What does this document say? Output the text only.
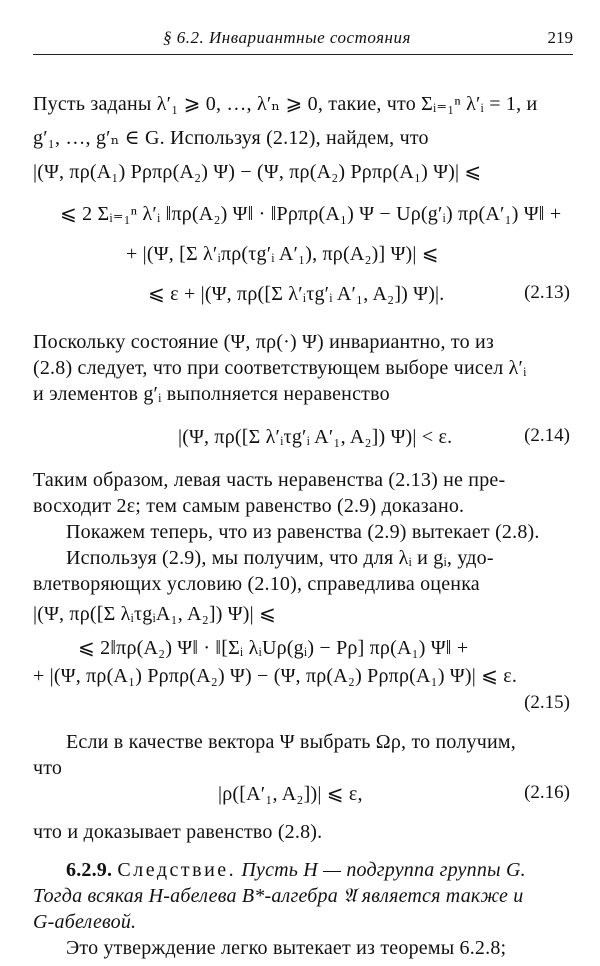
§ 6.2. Инвариантные состояния	219
Пусть заданы λ′₁ ⩾ 0, …, λ′ₙ ⩾ 0, такие, что Σᵢ₌₁ⁿ λ′ᵢ = 1, и
g′₁, …, g′ₙ ∈ G. Используя (2.12), найдем, что
|(Ψ, πρ(A₁) Pρπρ(A₂) Ψ) − (Ψ, πρ(A₂) Pρπρ(A₁) Ψ)| ⩽
⩽ 2 Σᵢ₌₁ⁿ λ′ᵢ ‖πρ(A₂) Ψ‖ · ‖Pρπρ(A₁) Ψ − Uρ(g′ᵢ) πρ(A′₁) Ψ‖ +
+ |(Ψ, [Σ λ′ᵢπρ(τg′ᵢ A′₁), πρ(A₂)] Ψ)| ⩽
⩽ ε + |(Ψ, πρ([Σ λ′ᵢτg′ᵢ A′₁, A₂]) Ψ)|.	(2.13)
Поскольку состояние (Ψ, πρ(·) Ψ) инвариантно, то из
(2.8) следует, что при соответствующем выборе чисел λ′ᵢ
и элементов g′ᵢ выполняется неравенство
|(Ψ, πρ([Σ λ′ᵢτg′ᵢ A′₁, A₂]) Ψ)| < ε.	(2.14)
Таким образом, левая часть неравенства (2.13) не пре-
восходит 2ε; тем самым равенство (2.9) доказано.
Покажем теперь, что из равенства (2.9) вытекает (2.8).
Используя (2.9), мы получим, что для λᵢ и gᵢ, удо-
влетворяющих условию (2.10), справедлива оценка
|(Ψ, πρ([Σ λᵢτgᵢA₁, A₂]) Ψ)| ⩽
⩽ 2‖πρ(A₂) Ψ‖ · ‖[Σᵢ λᵢUρ(gᵢ) − Pρ] πρ(A₁) Ψ‖ +
+ |(Ψ, πρ(A₁) Pρπρ(A₂) Ψ) − (Ψ, πρ(A₂) Pρπρ(A₁) Ψ)| ⩽ ε.
(2.15)
Если в качестве вектора Ψ выбрать Ωρ, то получим,
что
|ρ([A′₁, A₂])| ⩽ ε,	(2.16)
что и доказывает равенство (2.8).
6.2.9. Следствие. Пусть H — подгруппа группы G.
Тогда всякая H-абелева B*-алгебра 𝔄 является также и
G-абелевой.
Это утверждение легко вытекает из теоремы 6.2.8;
